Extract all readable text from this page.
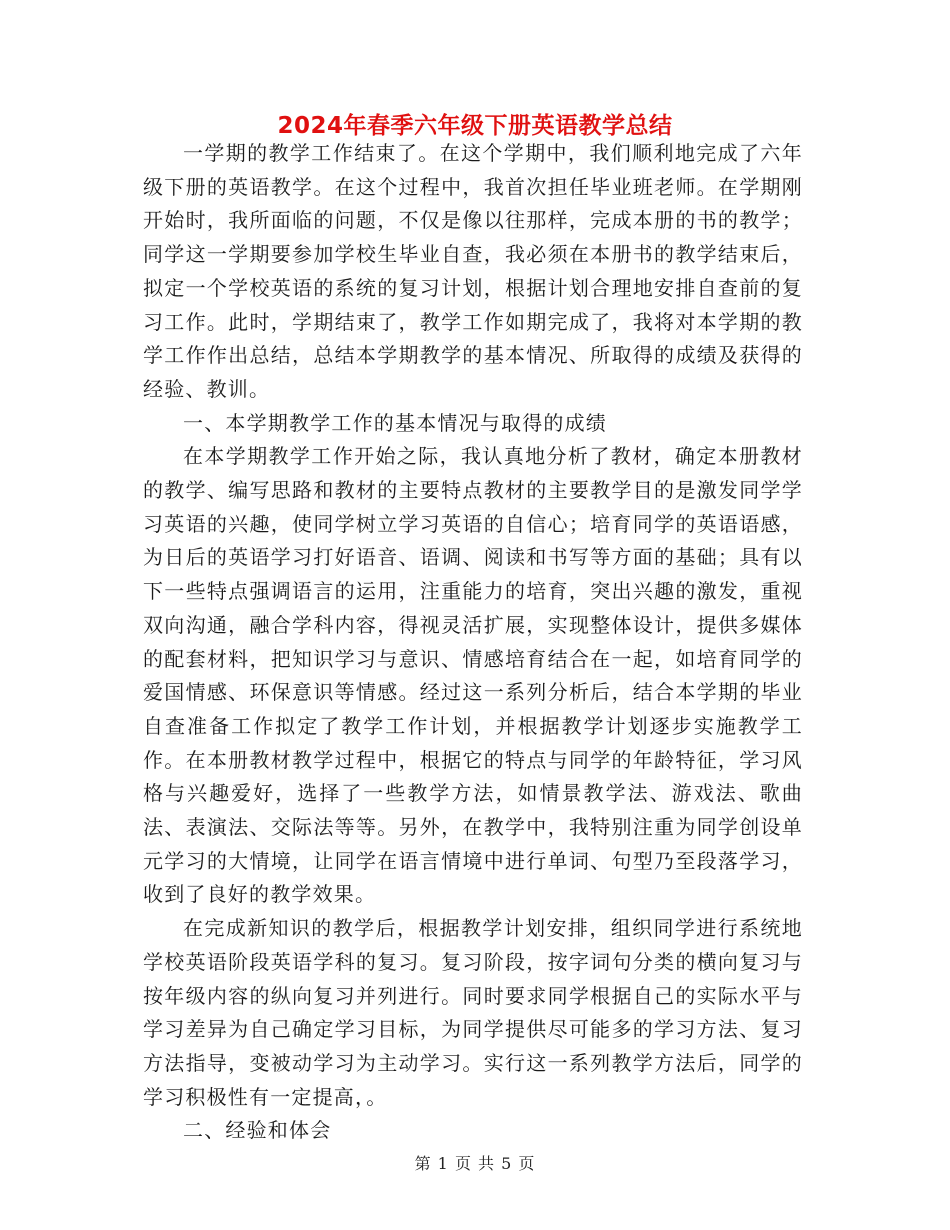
2024年春季六年级下册英语教学总结

一学期的教学工作结束了。在这个学期中，我们顺利地完成了六年级下册的英语教学。在这个过程中，我首次担任毕业班老师。在学期刚开始时，我所面临的问题，不仅是像以往那样，完成本册的书的教学；同学这一学期要参加学校生毕业自查，我必须在本册书的教学结束后，拟定一个学校英语的系统的复习计划，根据计划合理地安排自查前的复习工作。此时，学期结束了，教学工作如期完成了，我将对本学期的教学工作作出总结，总结本学期教学的基本情况、所取得的成绩及获得的经验、教训。

一、本学期教学工作的基本情况与取得的成绩

在本学期教学工作开始之际，我认真地分析了教材，确定本册教材的教学、编写思路和教材的主要特点教材的主要教学目的是激发同学学习英语的兴趣，使同学树立学习英语的自信心；培育同学的英语语感，为日后的英语学习打好语音、语调、阅读和书写等方面的基础；具有以下一些特点强调语言的运用，注重能力的培育，突出兴趣的激发，重视双向沟通，融合学科内容，得视灵活扩展，实现整体设计，提供多媒体的配套材料，把知识学习与意识、情感培育结合在一起，如培育同学的爱国情感、环保意识等情感。经过这一系列分析后，结合本学期的毕业自查准备工作拟定了教学工作计划，并根据教学计划逐步实施教学工作。在本册教材教学过程中，根据它的特点与同学的年龄特征，学习风格与兴趣爱好，选择了一些教学方法，如情景教学法、游戏法、歌曲法、表演法、交际法等等。另外，在教学中，我特别注重为同学创设单元学习的大情境，让同学在语言情境中进行单词、句型乃至段落学习，收到了良好的教学效果。

在完成新知识的教学后，根据教学计划安排，组织同学进行系统地学校英语阶段英语学科的复习。复习阶段，按字词句分类的横向复习与按年级内容的纵向复习并列进行。同时要求同学根据自己的实际水平与学习差异为自己确定学习目标，为同学提供尽可能多的学习方法、复习方法指导，变被动学习为主动学习。实行这一系列教学方法后，同学的学习积极性有一定提高，。

二、经验和体会

第 1 页 共 5 页
